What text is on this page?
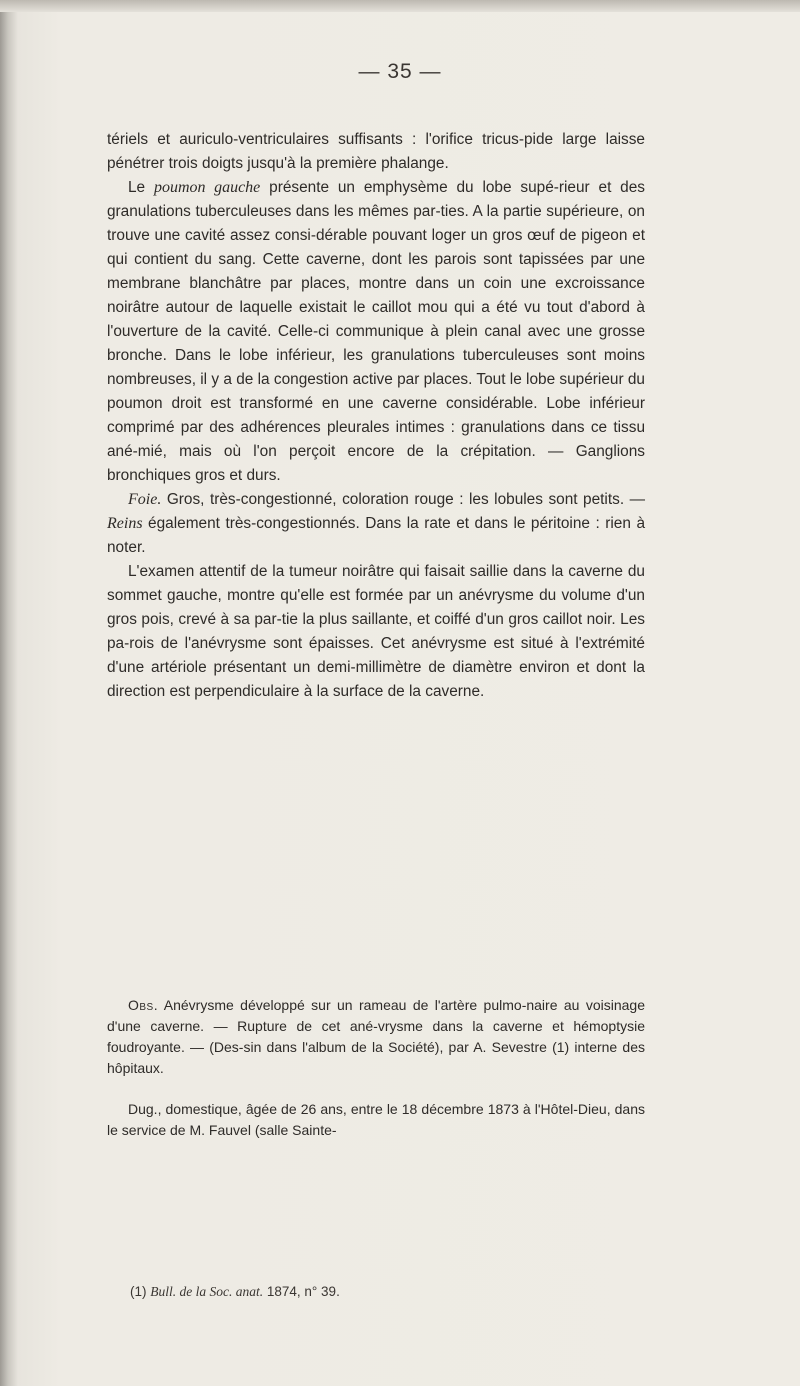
— 35 —

tériels et auriculo-ventriculaires suffisants : l'orifice tricus-pide large laisse pénétrer trois doigts jusqu'à la première phalange.

Le poumon gauche présente un emphysème du lobe supé-rieur et des granulations tuberculeuses dans les mêmes par-ties. A la partie supérieure, on trouve une cavité assez consi-dérable pouvant loger un gros œuf de pigeon et qui contient du sang. Cette caverne, dont les parois sont tapissées par une membrane blanchâtre par places, montre dans un coin une excroissance noirâtre autour de laquelle existait le caillot mou qui a été vu tout d'abord à l'ouverture de la cavité. Celle-ci communique à plein canal avec une grosse bronche. Dans le lobe inférieur, les granulations tuberculeuses sont moins nombreuses, il y a de la congestion active par places. Tout le lobe supérieur du poumon droit est transformé en une caverne considérable. Lobe inférieur comprimé par des adhérences pleurales intimes : granulations dans ce tissu ané-mié, mais où l'on perçoit encore de la crépitation. — Ganglions bronchiques gros et durs.

Foie. Gros, très-congestionné, coloration rouge : les lobules sont petits. — Reins également très-congestionnés. Dans la rate et dans le péritoine : rien à noter.

L'examen attentif de la tumeur noirâtre qui faisait saillie dans la caverne du sommet gauche, montre qu'elle est formée par un anévrysme du volume d'un gros pois, crevé à sa par-tie la plus saillante, et coiffé d'un gros caillot noir. Les pa-rois de l'anévrysme sont épaisses. Cet anévrysme est situé à l'extrémité d'une artériole présentant un demi-millimètre de diamètre environ et dont la direction est perpendiculaire à la surface de la caverne.

Obs. Anévrysme développé sur un rameau de l'artère pulmo-naire au voisinage d'une caverne. — Rupture de cet ané-vrysme dans la caverne et hémoptysie foudroyante. — (Des-sin dans l'album de la Société), par A. Sevestre (1) interne des hôpitaux.

Dug., domestique, âgée de 26 ans, entre le 18 décembre 1873 à l'Hôtel-Dieu, dans le service de M. Fauvel (salle Sainte-

(1) Bull. de la Soc. anat. 1874, n° 39.
